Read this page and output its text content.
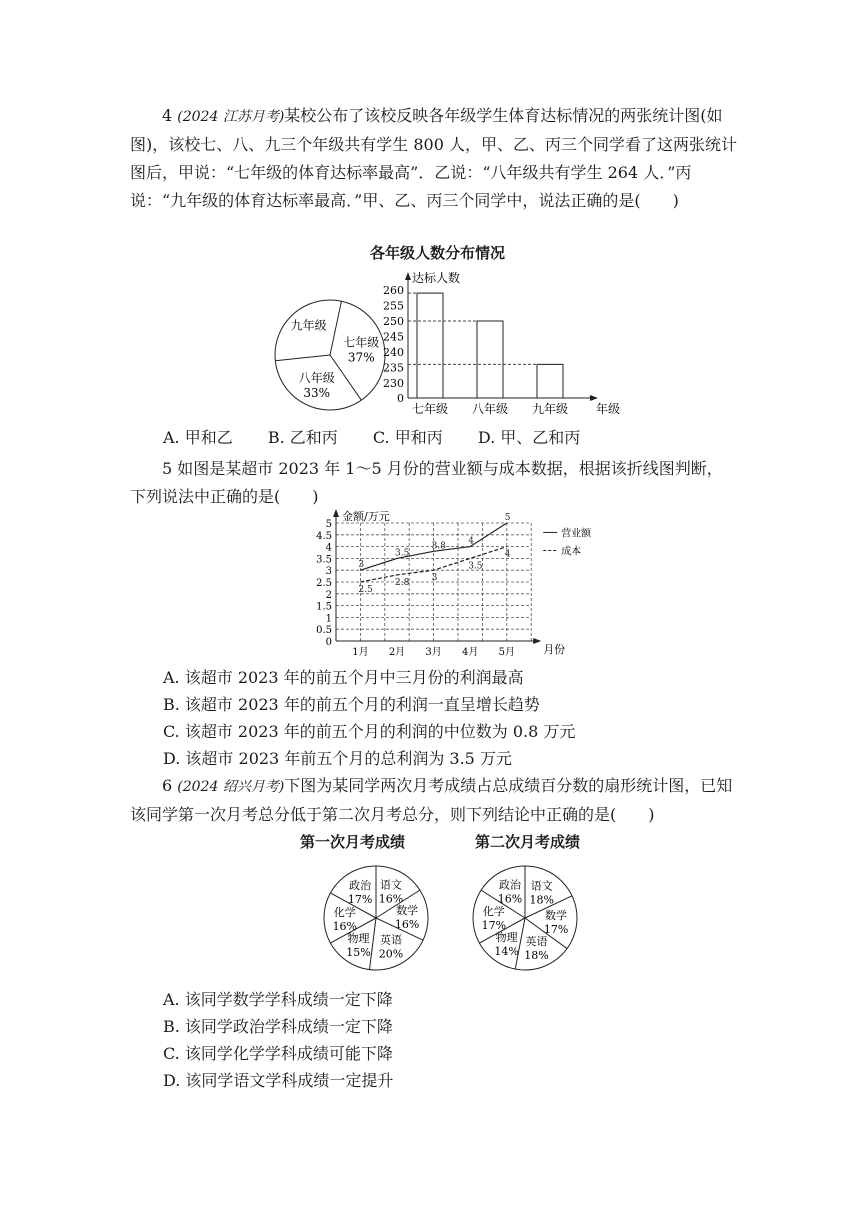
4 (2024 江苏月考)某校公布了该校反映各年级学生体育达标情况的两张统计图(如图)，该校七、八、九三个年级共有学生 800 人，甲、乙、丙三个同学看了这两张统计图后，甲说：“七年级的体育达标率最高”．乙说：“八年级共有学生 264 人．”丙说：“九年级的体育达标率最高．”甲、乙、丙三个同学中，说法正确的是(　　)

各年级人数分布情况
七年级
37%
八年级
33%
九年级
达标人数
年级
0
230
235
240
245
250
255
260
七年级 八年级 九年级
A. 甲和乙 B. 乙和丙 C. 甲和丙 D. 甲、乙和丙

5 如图是某超市 2023 年 1～5 月份的营业额与成本数据，根据该折线图判断，下列说法中正确的是(　　)

金额/万元
月份
0
0.5
1
1.5
2
2.5
3
3.5
4
4.5
5
1月 2月 3月 4月 5月
3
3.5
3.8 4
5
营业额
2.5
2.8 3
3.5
4	成本

A. 该超市 2023 年的前五个月中三月份的利润最高

B. 该超市 2023 年的前五个月的利润一直呈增长趋势

C. 该超市 2023 年的前五个月的利润的中位数为 0.8 万元

D. 该超市 2023 年前五个月的总利润为 3.5 万元

6 (2024 绍兴月考)下图为某同学两次月考成绩占总成绩百分数的扇形统计图，已知该同学第一次月考总分低于第二次月考总分，则下列结论中正确的是(　　)

第一次月考成绩	第二次月考成绩
语文
16%
数学
16%
英语
20%
物理
15%
化学
16%
政治
17%
语文
18%
数学
17%
英语
18%
物理
14%
化学
17%
政治
16%

A. 该同学数学学科成绩一定下降

B. 该同学政治学科成绩一定下降

C. 该同学化学学科成绩可能下降

D. 该同学语文学科成绩一定提升
